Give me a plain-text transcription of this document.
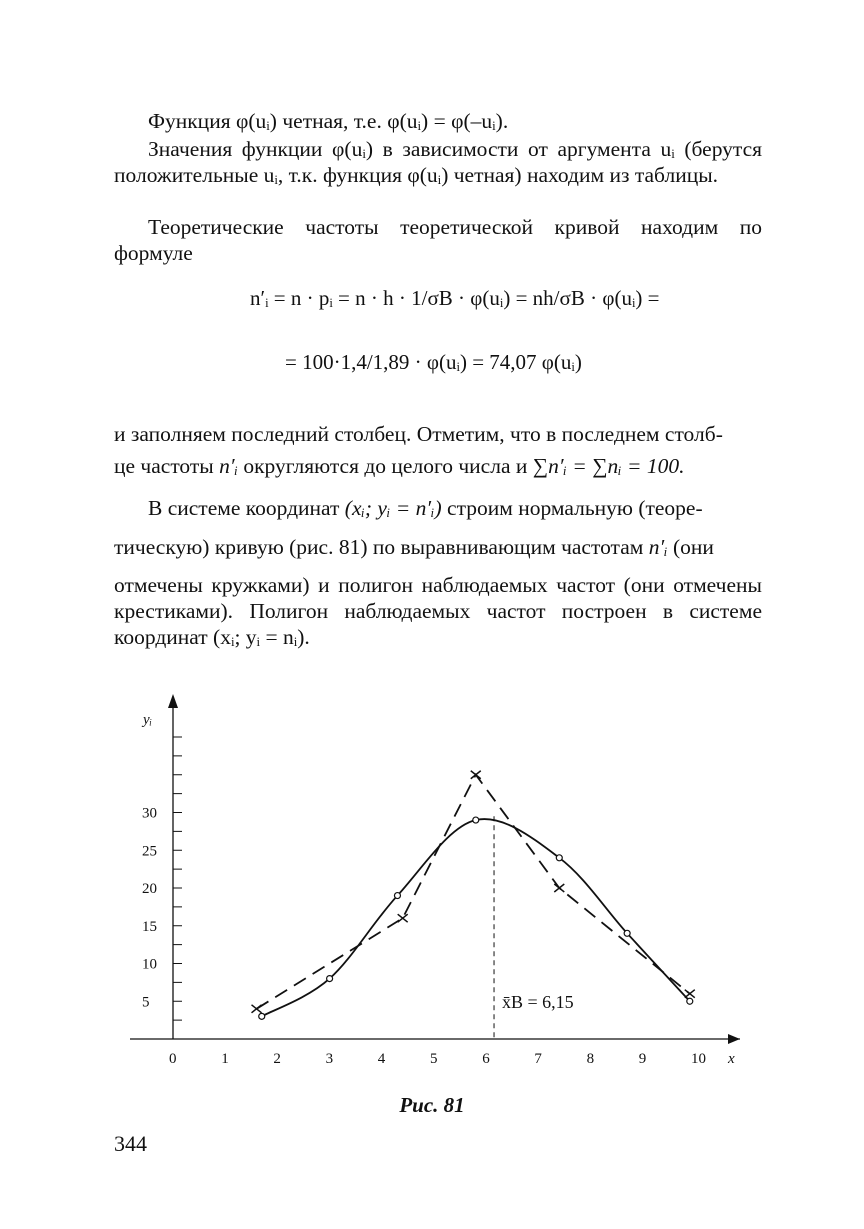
Функция φ(uᵢ) четная, т.е. φ(uᵢ) = φ(–uᵢ).
Значения функции φ(uᵢ) в зависимости от аргумента uᵢ (берутся положительные uᵢ, т.к. функция φ(uᵢ) четная) находим из таблицы.
Теоретические частоты теоретической кривой находим по формуле
n′ᵢ = n · pᵢ = n · h · 1/σВ · φ(uᵢ) = nh/σВ · φ(uᵢ) =
= 100·1,4/1,89 · φ(uᵢ) = 74,07 φ(uᵢ)
и заполняем последний столбец. Отметим, что в последнем столб-
це частоты n′ᵢ округляются до целого числа и ∑n′ᵢ = ∑nᵢ = 100.
В системе координат (xᵢ; yᵢ = n′ᵢ) строим нормальную (теоре-
тическую) кривую (рис. 81) по выравнивающим частотам n′ᵢ (они
отмечены кружками) и полигон наблюдаемых частот (они отмечены крестиками). Полигон наблюдаемых частот построен в системе координат (xᵢ; yᵢ = nᵢ).
yᵢ
x
0	1	2	3	4	5	6	7	8	9	10
5
10
15
20
25
30
x̄В = 6,15
Рис. 81
344
